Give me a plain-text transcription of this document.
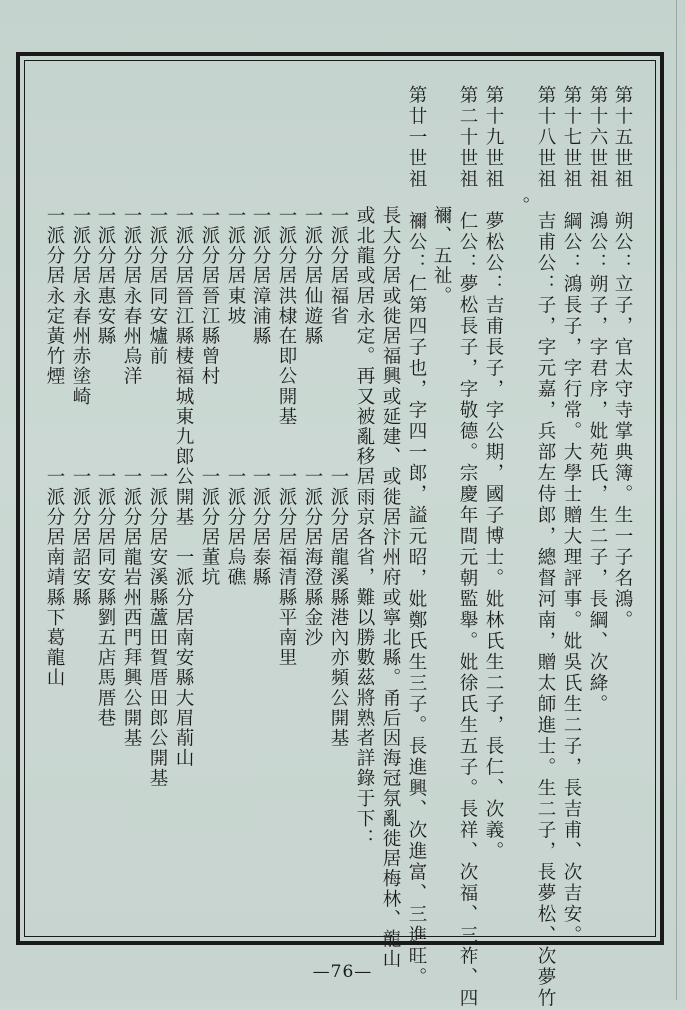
第十五世祖　朔公：立子，官太守寺掌典簿。生一子名鴻。
第十六世祖　鴻公：朔子，字君序，妣苑氏，生二子，長綱、次絳。
第十七世祖　綱公：鴻長子，字行常。大學士贈大理評事。妣吳氏生二子，長吉甫、次吉安。
第十八世祖　吉甫公：子，字元嘉，兵部左侍郎，總督河南，贈太師進士。生二子，長夢松、次夢竹
。
第十九世祖　夢松公：吉甫長子，字公期，國子博士。妣林氏生二子，長仁、次義。
第二十世祖　仁公：夢松長子，字敬德。宗慶年間元朝監舉。妣徐氏生五子。長祥、次福、三祚、四
　　　　　　禰、五祉。
第廿一世祖　禰公：仁第四子也，字四一郎，謚元昭，妣鄭氏生三子。長進興、次進富、三進旺。
　　　　　　長大分居或徙居福興或延建、或徙居汴州府或寧北縣。甬后因海冠氛亂徙居梅林、龍山
　　　　　　或北龍或居永定。再又被亂移居雨京各省，難以勝數茲將熟者詳錄于下：
　　　　　　一派分居福省　　　　　　　一派分居龍溪縣港內亦頻公開基
　　　　　　一派分居仙遊縣　　　　　　一派分居海澄縣金沙
　　　　　　一派分居洪棣在即公開基　　一派分居福清縣平南里
　　　　　　一派分居漳浦縣　　　　　　一派分居泰縣
　　　　　　一派分居東坡　　　　　　　一派分居烏礁
　　　　　　一派分居晉江縣曾村　　　　一派分居董坑
　　　　　　一派分居晉江縣棲福城東九郎公開基　一派分居南安縣大眉萷山
　　　　　　一派分居同安爐前　　　　　一派分居安溪縣蘆田賀厝田郎公開基
　　　　　　一派分居永春州烏洋　　　　一派分居龍岩州西門拜興公開基
　　　　　　一派分居惠安縣　　　　　　一派分居同安縣劉五店馬厝巷
　　　　　　一派分居永春州赤塗崎　　　一派分居詔安縣
　　　　　　一派分居永定黃竹煙　　　　一派分居南靖縣下葛龍山
—76—
